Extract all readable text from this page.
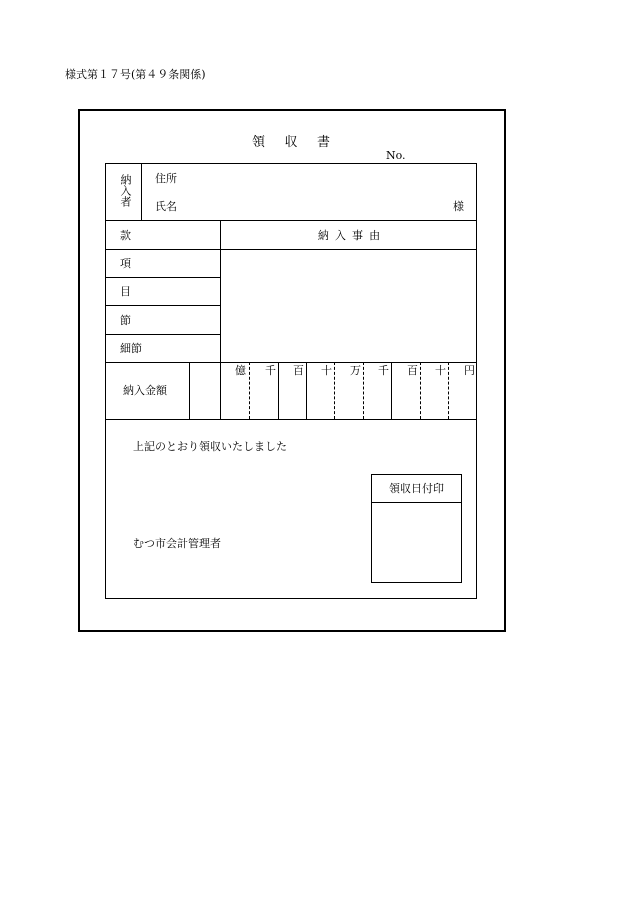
様式第１７号(第４９条関係)
領収書
No.
納入者 住所
氏名	様
款
項
目
節
細節
納入事由
納入金額
億 千 百 十 万 千 百 十 円
上記のとおり領収いたしました
むつ市会計管理者
領収日付印
